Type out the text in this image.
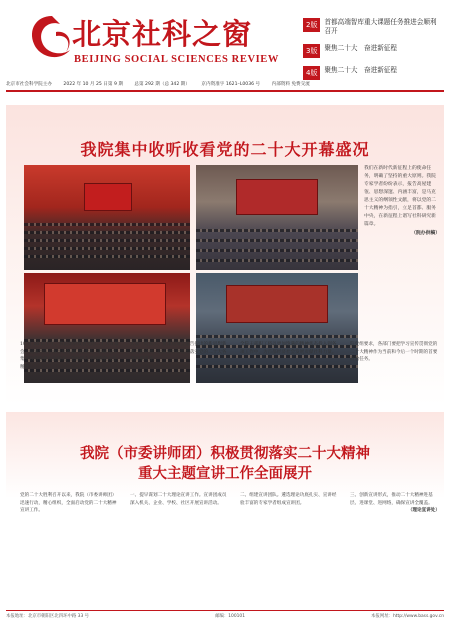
北京社科之窗
BEIJING SOCIAL SCIENCES REVIEW
2版	首都高端智库重大课题任务推进会顺利召开
3版	聚焦二十大　奋进新征程
4版	聚焦二十大　奋进新征程
北京市社会科学院主办 2022 年 10 月 25 日第 9 期 总第 292 期（总 342 期） 京内资准字 1621–L0036 号 内部资料 免费交流
我院集中收听收看党的二十大开幕盛况
我们在新时代新征程上的使命任务，明确了坚持的重大原则。我院专家学者纷纷表示，报告高屋建瓴、思想深邃、内涵丰富，是马克思主义的纲领性文献，将以党的二十大精神为指引，立足首都、服务中央，在新征程上谱写社科研究新篇章。
（院办供稿）
10 月 16 日上午，我院组织收看党的二十大开幕会，院领导班子成员及各部门负责人、科研人员集中收听收看大会盛况，全面深入学习领会大会精神。
大家一致表示，要深刻领会报告提出的新思想新观点新论断，以实际行动贯彻落实党的二十大各项决策部署。
全院干部职工将以更加饱满的精神状态投入到各项工作中，为首都经济社会发展贡献社科力量。
院党组要求，各部门要把学习宣传贯彻党的二十大精神作为当前和今后一个时期的首要政治任务。
我院（市委讲师团）积极贯彻落实二十大精神
重大主题宣讲工作全面展开
党的二十大胜利召开以来，我院（市委讲师团）迅速行动，精心组织，全面启动党的二十大精神宣讲工作。
一、提早谋划二十大理论宣讲工作。宣讲团成员深入机关、企业、学校、社区开展宣讲活动。
二、组建宣讲团队。遴选理论功底扎实、宣讲经验丰富的专家学者组成宣讲团。
三、创新宣讲形式，推动二十大精神进基层、进课堂、进网络，确保宣讲全覆盖。
（理论宣讲处）
本报地址：北京市朝阳区北四环中路 33 号	邮编：100101	本报网址：http://www.bass.gov.cn
